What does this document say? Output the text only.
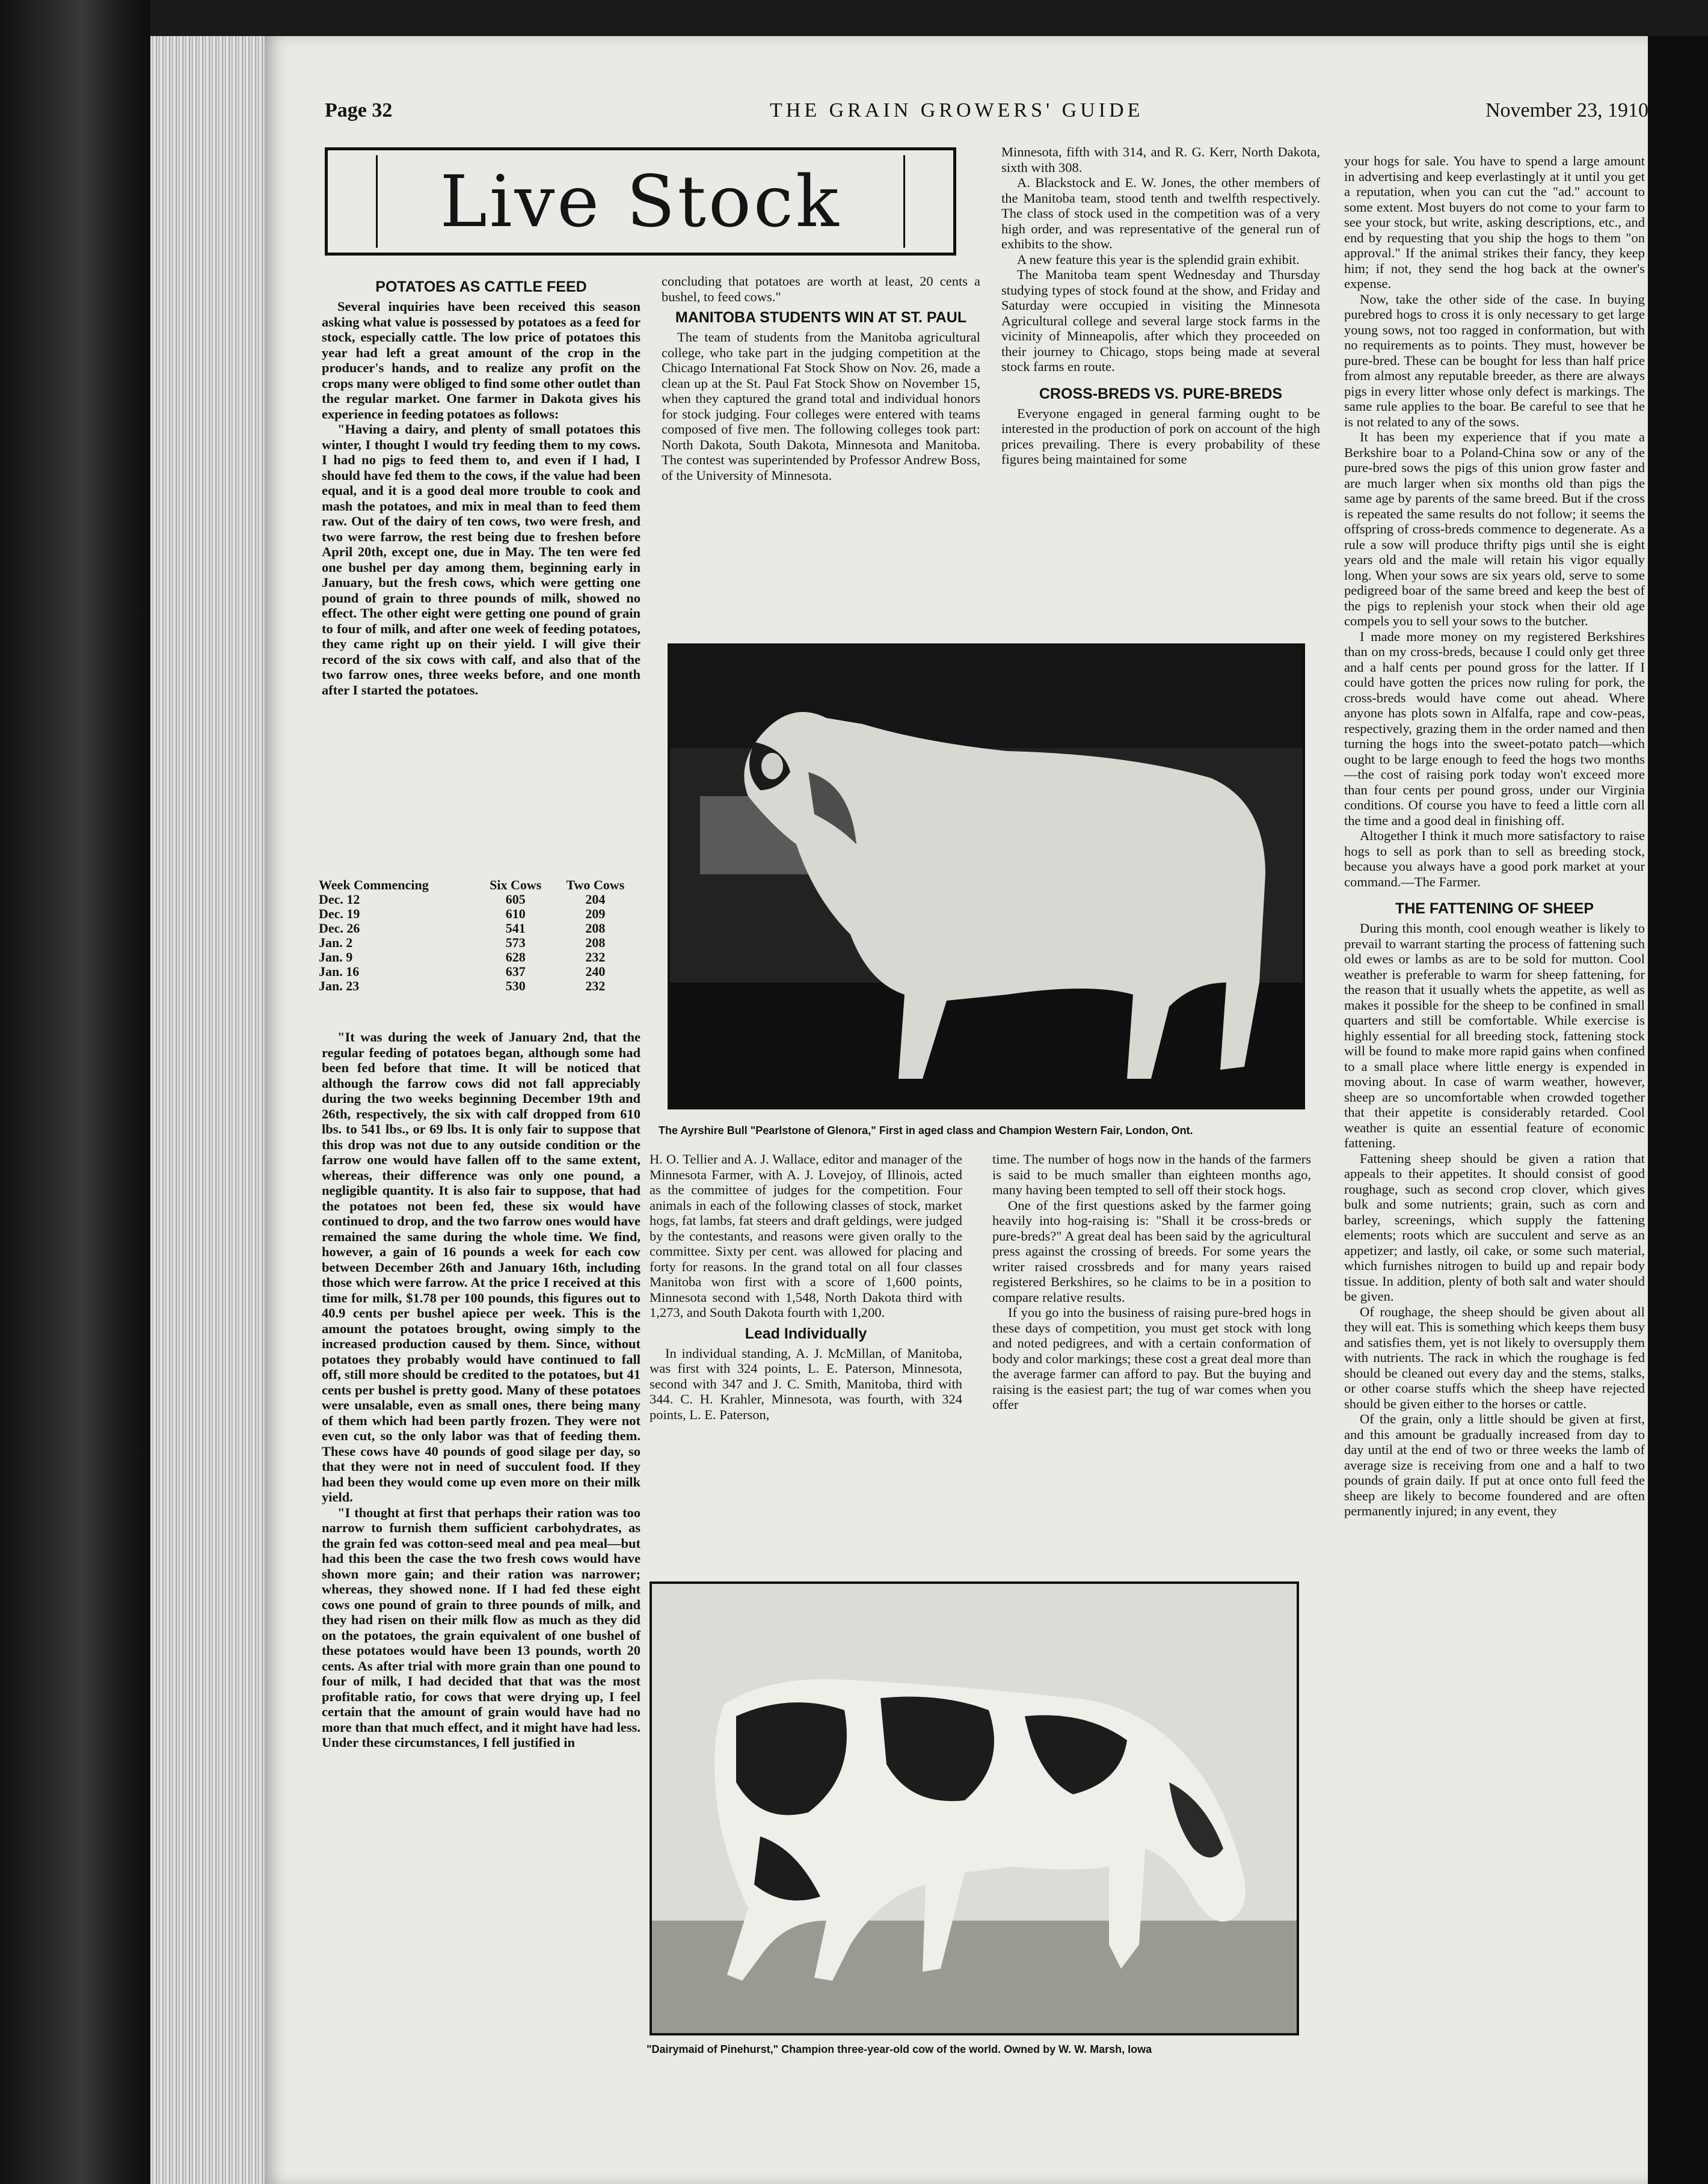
Page 32	THE GRAIN GROWERS' GUIDE	November 23, 1910
Live Stock
POTATOES AS CATTLE FEED

Several inquiries have been received this season asking what value is possessed by potatoes as a feed for stock, especially cattle. The low price of potatoes this year had left a great amount of the crop in the producer's hands, and to realize any profit on the crops many were obliged to find some other outlet than the regular market. One farmer in Dakota gives his experience in feeding potatoes as follows:

"Having a dairy, and plenty of small potatoes this winter, I thought I would try feeding them to my cows. I had no pigs to feed them to, and even if I had, I should have fed them to the cows, if the value had been equal, and it is a good deal more trouble to cook and mash the potatoes, and mix in meal than to feed them raw. Out of the dairy of ten cows, two were fresh, and two were farrow, the rest being due to freshen before April 20th, except one, due in May. The ten were fed one bushel per day among them, beginning early in January, but the fresh cows, which were getting one pound of grain to three pounds of milk, showed no effect. The other eight were getting one pound of grain to four of milk, and after one week of feeding potatoes, they came right up on their yield. I will give their record of the six cows with calf, and also that of the two farrow ones, three weeks before, and one month after I started the potatoes.

Week Commencing	Six Cows	Two Cows
Dec. 12	605	204
Dec. 19	610	209
Dec. 26	541	208
Jan. 2	573	208
Jan. 9	628	232
Jan. 16	637	240
Jan. 23	530	232

"It was during the week of January 2nd, that the regular feeding of potatoes began, although some had been fed before that time. It will be noticed that although the farrow cows did not fall appreciably during the two weeks beginning December 19th and 26th, respectively, the six with calf dropped from 610 lbs. to 541 lbs., or 69 lbs. It is only fair to suppose that this drop was not due to any outside condition or the farrow one would have fallen off to the same extent, whereas, their difference was only one pound, a negligible quantity. It is also fair to suppose, that had the potatoes not been fed, these six would have continued to drop, and the two farrow ones would have remained the same during the whole time. We find, however, a gain of 16 pounds a week for each cow between December 26th and January 16th, including those which were farrow. At the price I received at this time for milk, $1.78 per 100 pounds, this figures out to 40.9 cents per bushel apiece per week. This is the amount the potatoes brought, owing simply to the increased production caused by them. Since, without potatoes they probably would have continued to fall off, still more should be credited to the potatoes, but 41 cents per bushel is pretty good. Many of these potatoes were unsalable, even as small ones, there being many of them which had been partly frozen. They were not even cut, so the only labor was that of feeding them. These cows have 40 pounds of good silage per day, so that they were not in need of succulent food. If they had been they would come up even more on their milk yield.

"I thought at first that perhaps their ration was too narrow to furnish them sufficient carbohydrates, as the grain fed was cotton-seed meal and pea meal—but had this been the case the two fresh cows would have shown more gain; and their ration was narrower; whereas, they showed none. If I had fed these eight cows one pound of grain to three pounds of milk, and they had risen on their milk flow as much as they did on the potatoes, the grain equivalent of one bushel of these potatoes would have been 13 pounds, worth 20 cents. As after trial with more grain than one pound to four of milk, I had decided that that was the most profitable ratio, for cows that were drying up, I feel certain that the amount of grain would have had no more than that much effect, and it might have had less. Under these circumstances, I fell justified in

concluding that potatoes are worth at least, 20 cents a bushel, to feed cows."

MANITOBA STUDENTS WIN AT ST. PAUL

The team of students from the Manitoba agricultural college, who take part in the judging competition at the Chicago International Fat Stock Show on Nov. 26, made a clean up at the St. Paul Fat Stock Show on November 15, when they captured the grand total and individual honors for stock judging. Four colleges were entered with teams composed of five men. The following colleges took part: North Dakota, South Dakota, Minnesota and Manitoba. The contest was superintended by Professor Andrew Boss, of the University of Minnesota.

Minnesota, fifth with 314, and R. G. Kerr, North Dakota, sixth with 308.

A. Blackstock and E. W. Jones, the other members of the Manitoba team, stood tenth and twelfth respectively. The class of stock used in the competition was of a very high order, and was representative of the general run of exhibits to the show.

A new feature this year is the splendid grain exhibit.

The Manitoba team spent Wednesday and Thursday studying types of stock found at the show, and Friday and Saturday were occupied in visiting the Minnesota Agricultural college and several large stock farms in the vicinity of Minneapolis, after which they proceeded on their journey to Chicago, stops being made at several stock farms en route.

CROSS-BREDS VS. PURE-BREDS

Everyone engaged in general farming ought to be interested in the production of pork on account of the high prices prevailing. There is every probability of these figures being maintained for some

your hogs for sale. You have to spend a large amount in advertising and keep everlastingly at it until you get a reputation, when you can cut the "ad." account to some extent. Most buyers do not come to your farm to see your stock, but write, asking descriptions, etc., and end by requesting that you ship the hogs to them "on approval." If the animal strikes their fancy, they keep him; if not, they send the hog back at the owner's expense.

Now, take the other side of the case. In buying purebred hogs to cross it is only necessary to get large young sows, not too ragged in conformation, but with no requirements as to points. They must, however be pure-bred. These can be bought for less than half price from almost any reputable breeder, as there are always pigs in every litter whose only defect is markings. The same rule applies to the boar. Be careful to see that he is not related to any of the sows.

It has been my experience that if you mate a Berkshire boar to a Poland-China sow or any of the pure-bred sows the pigs of this union grow faster and are much larger when six months old than pigs the same age by parents of the same breed. But if the cross is repeated the same results do not follow; it seems the offspring of cross-breds commence to degenerate. As a rule a sow will produce thrifty pigs until she is eight years old and the male will retain his vigor equally long. When your sows are six years old, serve to some pedigreed boar of the same breed and keep the best of the pigs to replenish your stock when their old age compels you to sell your sows to the butcher.

I made more money on my registered Berkshires than on my cross-breds, because I could only get three and a half cents per pound gross for the latter. If I could have gotten the prices now ruling for pork, the cross-breds would have come out ahead. Where anyone has plots sown in Alfalfa, rape and cow-peas, respectively, grazing them in the order named and then turning the hogs into the sweet-potato patch—which ought to be large enough to feed the hogs two months—the cost of raising pork today won't exceed more than four cents per pound gross, under our Virginia conditions. Of course you have to feed a little corn all the time and a good deal in finishing off.

Altogether I think it much more satisfactory to raise hogs to sell as pork than to sell as breeding stock, because you always have a good pork market at your command.—The Farmer.

THE FATTENING OF SHEEP

During this month, cool enough weather is likely to prevail to warrant starting the process of fattening such old ewes or lambs as are to be sold for mutton. Cool weather is preferable to warm for sheep fattening, for the reason that it usually whets the appetite, as well as makes it possible for the sheep to be confined in small quarters and still be comfortable. While exercise is highly essential for all breeding stock, fattening stock will be found to make more rapid gains when confined to a small place where little energy is expended in moving about. In case of warm weather, however, sheep are so uncomfortable when crowded together that their appetite is considerably retarded. Cool weather is quite an essential feature of economic fattening.

Fattening sheep should be given a ration that appeals to their appetites. It should consist of good roughage, such as second crop clover, which gives bulk and some nutrients; grain, such as corn and barley, screenings, which supply the fattening elements; roots which are succulent and serve as an appetizer; and lastly, oil cake, or some such material, which furnishes nitrogen to build up and repair body tissue. In addition, plenty of both salt and water should be given.

Of roughage, the sheep should be given about all they will eat. This is something which keeps them busy and satisfies them, yet is not likely to oversupply them with nutrients. The rack in which the roughage is fed should be cleaned out every day and the stems, stalks, or other coarse stuffs which the sheep have rejected should be given either to the horses or cattle.

Of the grain, only a little should be given at first, and this amount be gradually increased from day to day until at the end of two or three weeks the lamb of average size is receiving from one and a half to two pounds of grain daily. If put at once onto full feed the sheep are likely to become foundered and are often permanently injured; in any event, they

The Ayrshire Bull "Pearlstone of Glenora," First in aged class and Champion Western Fair, London, Ont.

H. O. Tellier and A. J. Wallace, editor and manager of the Minnesota Farmer, with A. J. Lovejoy, of Illinois, acted as the committee of judges for the competition. Four animals in each of the following classes of stock, market hogs, fat lambs, fat steers and draft geldings, were judged by the contestants, and reasons were given orally to the committee. Sixty per cent. was allowed for placing and forty for reasons. In the grand total on all four classes Manitoba won first with a score of 1,600 points, Minnesota second with 1,548, North Dakota third with 1,273, and South Dakota fourth with 1,200.

Lead Individually

In individual standing, A. J. McMillan, of Manitoba, was first with 324 points, L. E. Paterson, Minnesota, second with 347 and J. C. Smith, Manitoba, third with 344. C. H. Krahler, Minnesota, was fourth, with 324 points, L. E. Paterson,

time. The number of hogs now in the hands of the farmers is said to be much smaller than eighteen months ago, many having been tempted to sell off their stock hogs.

One of the first questions asked by the farmer going heavily into hog-raising is: "Shall it be cross-breds or pure-breds?" A great deal has been said by the agricultural press against the crossing of breeds. For some years the writer raised crossbreds and for many years raised registered Berkshires, so he claims to be in a position to compare relative results.

If you go into the business of raising pure-bred hogs in these days of competition, you must get stock with long and noted pedigrees, and with a certain conformation of body and color markings; these cost a great deal more than the average farmer can afford to pay. But the buying and raising is the easiest part; the tug of war comes when you offer

"Dairymaid of Pinehurst," Champion three-year-old cow of the world. Owned by W. W. Marsh, Iowa
